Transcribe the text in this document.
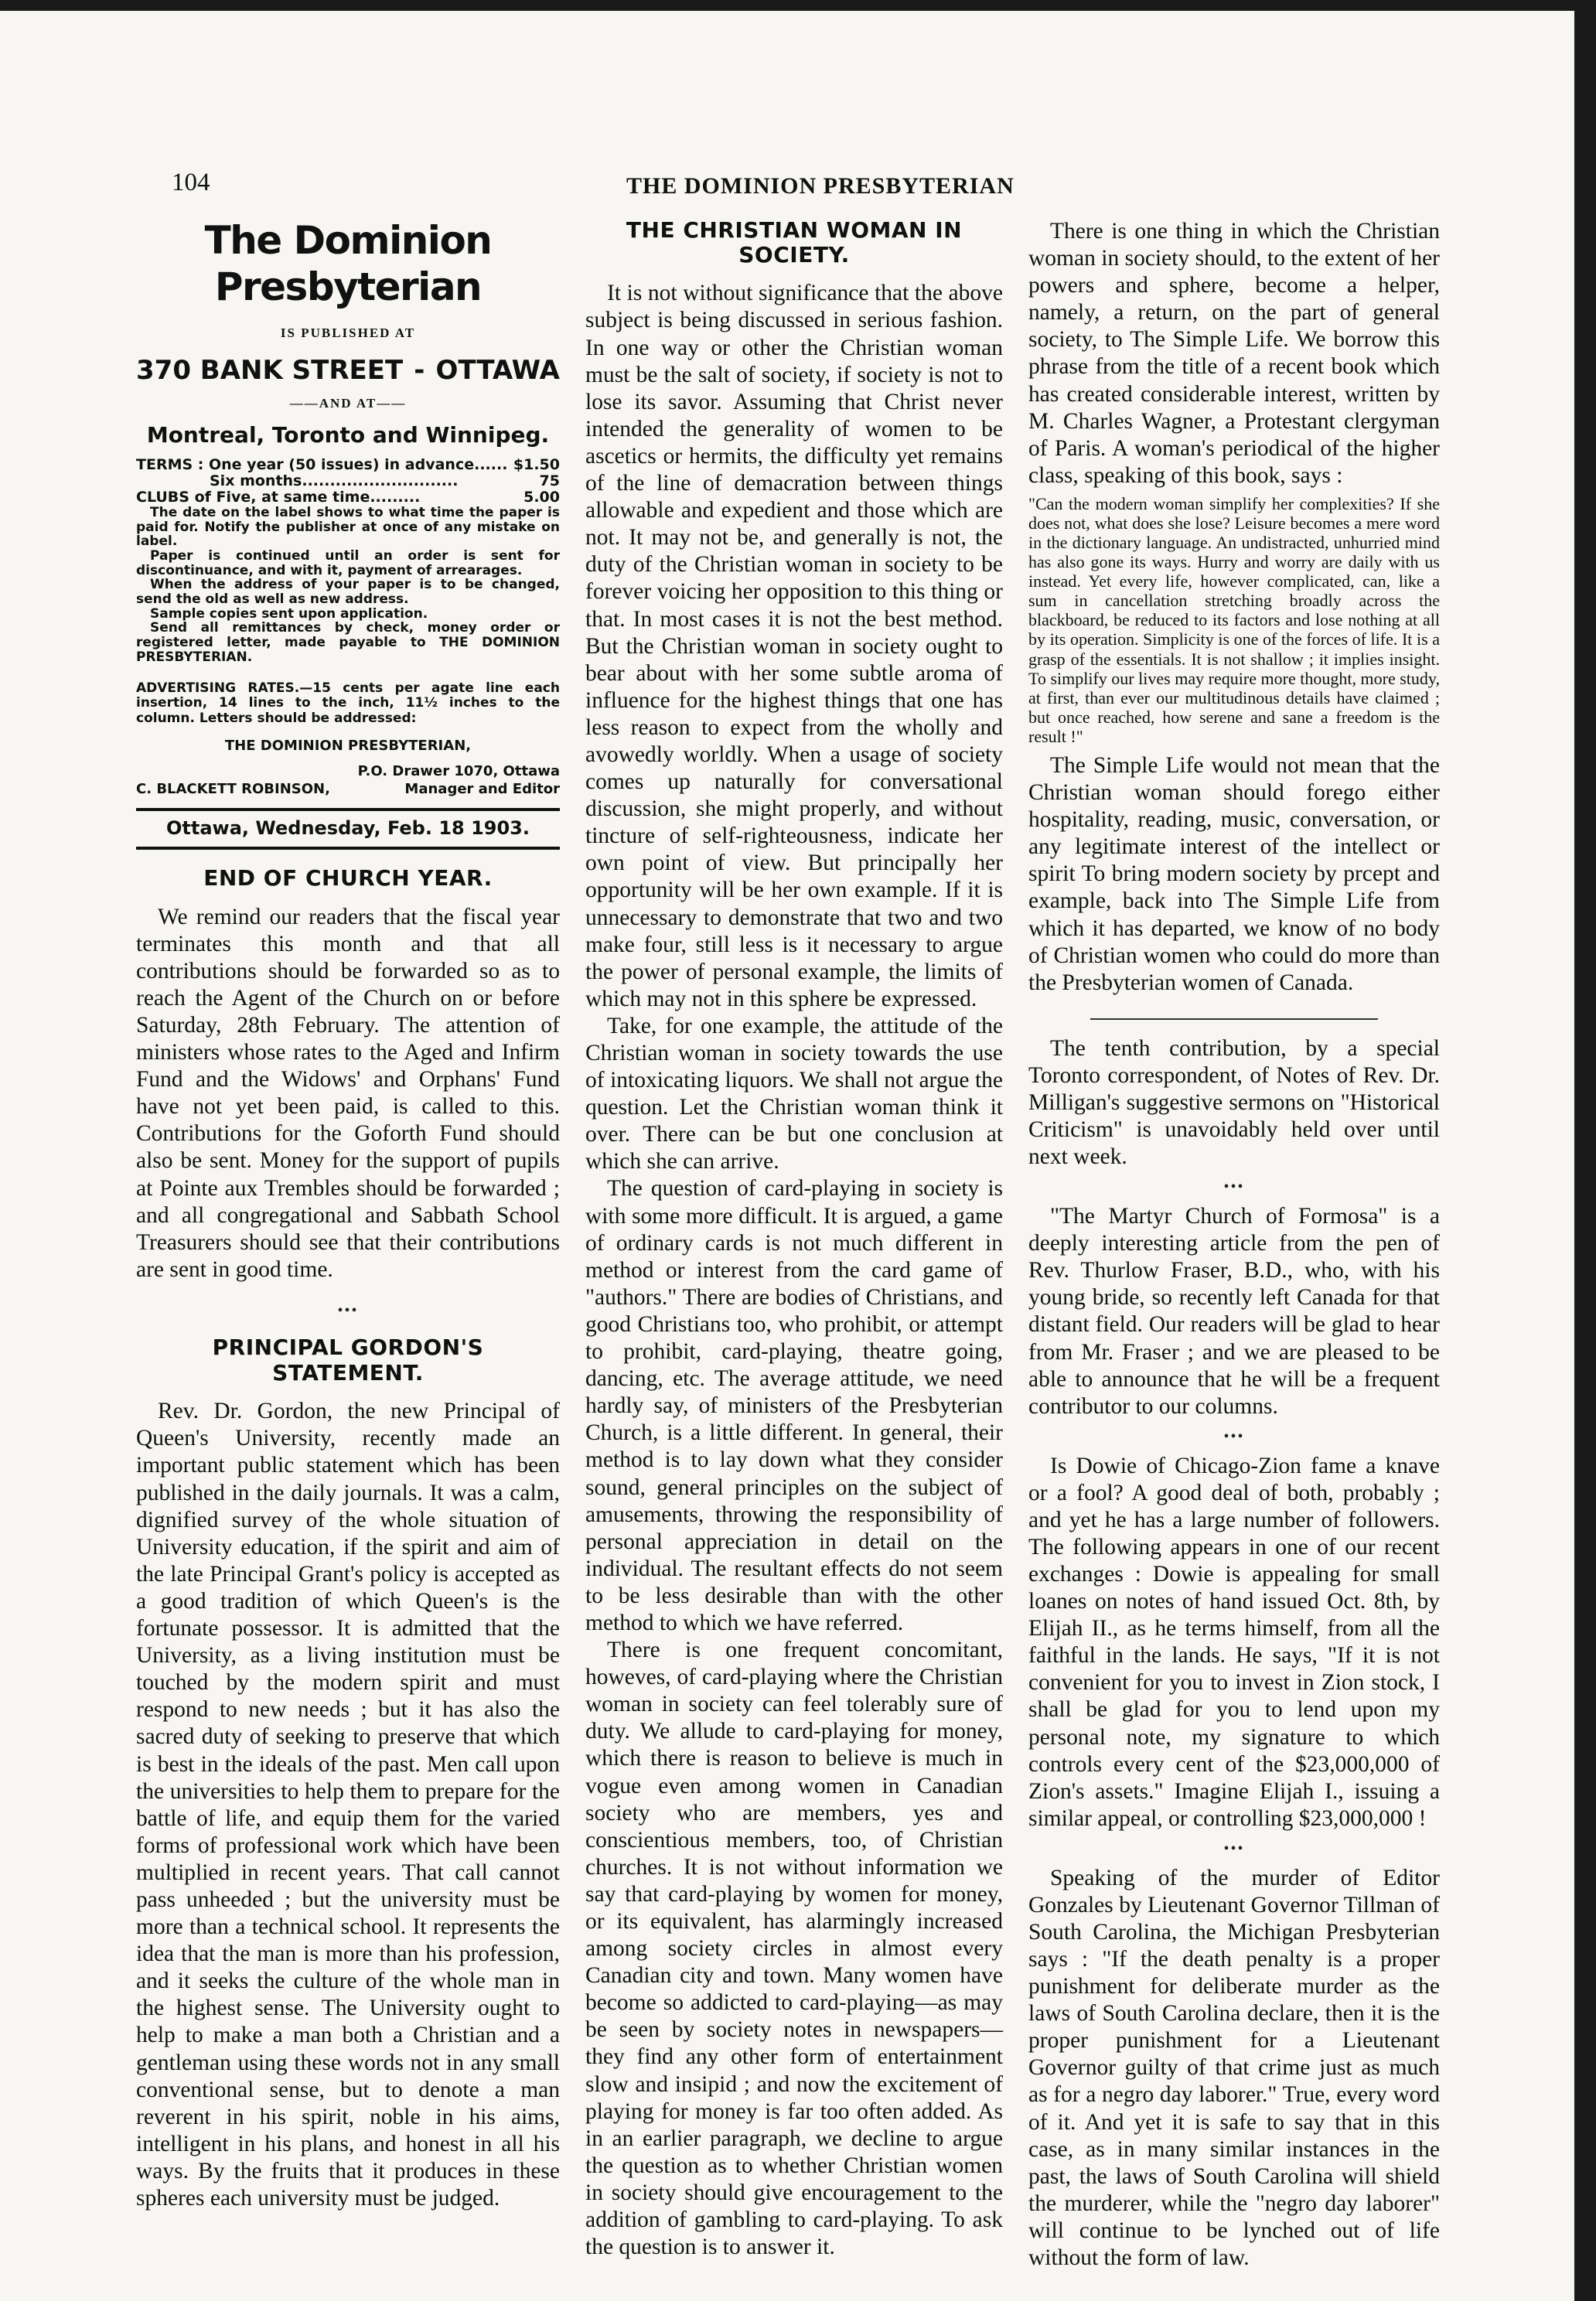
104	THE DOMINION PRESBYTERIAN
The Dominion Presbyterian
IS PUBLISHED AT
370 BANK STREET - OTTAWA
——AND AT——
Montreal, Toronto and Winnipeg.
TERMS : One year (50 issues) in advance...... $1.50
Six months............................	75
CLUBS of Five, at same time.........	5.00
The date on the label shows to what time the paper is paid for. Notify the publisher at once of any mistake on label.
Paper is continued until an order is sent for discontinuance, and with it, payment of arrearages.
When the address of your paper is to be changed, send the old as well as new address.
Sample copies sent upon application.
Send all remittances by check, money order or registered letter, made payable to THE DOMINION PRESBYTERIAN.
ADVERTISING RATES.—15 cents per agate line each insertion, 14 lines to the inch, 11½ inches to the column. Letters should be addressed:
THE DOMINION PRESBYTERIAN,
P.O. Drawer 1070, Ottawa
C. BLACKETT ROBINSON,	Manager and Editor
Ottawa, Wednesday, Feb. 18 1903.
END OF CHURCH YEAR.

We remind our readers that the fiscal year terminates this month and that all contributions should be forwarded so as to reach the Agent of the Church on or before Saturday, 28th February. The attention of ministers whose rates to the Aged and Infirm Fund and the Widows' and Orphans' Fund have not yet been paid, is called to this. Contributions for the Goforth Fund should also be sent. Money for the support of pupils at Pointe aux Trembles should be forwarded ; and all congregational and Sabbath School Treasurers should see that their contributions are sent in good time.

•••
PRINCIPAL GORDON'S STATEMENT.

Rev. Dr. Gordon, the new Principal of Queen's University, recently made an important public statement which has been published in the daily journals. It was a calm, dignified survey of the whole situation of University education, if the spirit and aim of the late Principal Grant's policy is accepted as a good tradition of which Queen's is the fortunate possessor. It is admitted that the University, as a living institution must be touched by the modern spirit and must respond to new needs ; but it has also the sacred duty of seeking to preserve that which is best in the ideals of the past. Men call upon the universities to help them to prepare for the battle of life, and equip them for the varied forms of professional work which have been multiplied in recent years. That call cannot pass unheeded ; but the university must be more than a technical school. It represents the idea that the man is more than his profession, and it seeks the culture of the whole man in the highest sense. The University ought to help to make a man both a Christian and a gentleman using these words not in any small conventional sense, but to denote a man reverent in his spirit, noble in his aims, intelligent in his plans, and honest in all his ways. By the fruits that it produces in these spheres each university must be judged.

THE CHRISTIAN WOMAN IN SOCIETY.

It is not without significance that the above subject is being discussed in serious fashion. In one way or other the Christian woman must be the salt of society, if society is not to lose its savor. Assuming that Christ never intended the generality of women to be ascetics or hermits, the difficulty yet remains of the line of demacration between things allowable and expedient and those which are not. It may not be, and generally is not, the duty of the Christian woman in society to be forever voicing her opposition to this thing or that. In most cases it is not the best method. But the Christian woman in society ought to bear about with her some subtle aroma of influence for the highest things that one has less reason to expect from the wholly and avowedly worldly. When a usage of society comes up naturally for conversational discussion, she might properly, and without tincture of self-righteousness, indicate her own point of view. But principally her opportunity will be her own example. If it is unnecessary to demonstrate that two and two make four, still less is it necessary to argue the power of personal example, the limits of which may not in this sphere be expressed.

Take, for one example, the attitude of the Christian woman in society towards the use of intoxicating liquors. We shall not argue the question. Let the Christian woman think it over. There can be but one conclusion at which she can arrive.

The question of card-playing in society is with some more difficult. It is argued, a game of ordinary cards is not much different in method or interest from the card game of "authors." There are bodies of Christians, and good Christians too, who prohibit, or attempt to prohibit, card-playing, theatre going, dancing, etc. The average attitude, we need hardly say, of ministers of the Presbyterian Church, is a little different. In general, their method is to lay down what they consider sound, general principles on the subject of amusements, throwing the responsibility of personal appreciation in detail on the individual. The resultant effects do not seem to be less desirable than with the other method to which we have referred.

There is one frequent concomitant, howeves, of card-playing where the Christian woman in society can feel tolerably sure of duty. We allude to card-playing for money, which there is reason to believe is much in vogue even among women in Canadian society who are members, yes and conscientious members, too, of Christian churches. It is not without information we say that card-playing by women for money, or its equivalent, has alarmingly increased among society circles in almost every Canadian city and town. Many women have become so addicted to card-playing—as may be seen by society notes in newspapers—they find any other form of entertainment slow and insipid ; and now the excitement of playing for money is far too often added. As in an earlier paragraph, we decline to argue the question as to whether Christian women in society should give encouragement to the addition of gambling to card-playing. To ask the question is to answer it.

There is one thing in which the Christian woman in society should, to the extent of her powers and sphere, become a helper, namely, a return, on the part of general society, to The Simple Life. We borrow this phrase from the title of a recent book which has created considerable interest, written by M. Charles Wagner, a Protestant clergyman of Paris. A woman's periodical of the higher class, speaking of this book, says :

"Can the modern woman simplify her complexities? If she does not, what does she lose? Leisure becomes a mere word in the dictionary language. An undistracted, unhurried mind has also gone its ways. Hurry and worry are daily with us instead. Yet every life, however complicated, can, like a sum in cancellation stretching broadly across the blackboard, be reduced to its factors and lose nothing at all by its operation. Simplicity is one of the forces of life. It is a grasp of the essentials. It is not shallow ; it implies insight. To simplify our lives may require more thought, more study, at first, than ever our multitudinous details have claimed ; but once reached, how serene and sane a freedom is the result !"

The Simple Life would not mean that the Christian woman should forego either hospitality, reading, music, conversation, or any legitimate interest of the intellect or spirit To bring modern society by prcept and example, back into The Simple Life from which it has departed, we know of no body of Christian women who could do more than the Presbyterian women of Canada.

The tenth contribution, by a special Toronto correspondent, of Notes of Rev. Dr. Milligan's suggestive sermons on "Historical Criticism" is unavoidably held over until next week.

•••

"The Martyr Church of Formosa" is a deeply interesting article from the pen of Rev. Thurlow Fraser, B.D., who, with his young bride, so recently left Canada for that distant field. Our readers will be glad to hear from Mr. Fraser ; and we are pleased to be able to announce that he will be a frequent contributor to our columns.

•••

Is Dowie of Chicago-Zion fame a knave or a fool? A good deal of both, probably ; and yet he has a large number of followers. The following appears in one of our recent exchanges : Dowie is appealing for small loanes on notes of hand issued Oct. 8th, by Elijah II., as he terms himself, from all the faithful in the lands. He says, "If it is not convenient for you to invest in Zion stock, I shall be glad for you to lend upon my personal note, my signature to which controls every cent of the $23,000,000 of Zion's assets." Imagine Elijah I., issuing a similar appeal, or controlling $23,000,000 !

•••

Speaking of the murder of Editor Gonzales by Lieutenant Governor Tillman of South Carolina, the Michigan Presbyterian says : "If the death penalty is a proper punishment for deliberate murder as the laws of South Carolina declare, then it is the proper punishment for a Lieutenant Governor guilty of that crime just as much as for a negro day laborer." True, every word of it. And yet it is safe to say that in this case, as in many similar instances in the past, the laws of South Carolina will shield the murderer, while the "negro day laborer" will continue to be lynched out of life without the form of law.
